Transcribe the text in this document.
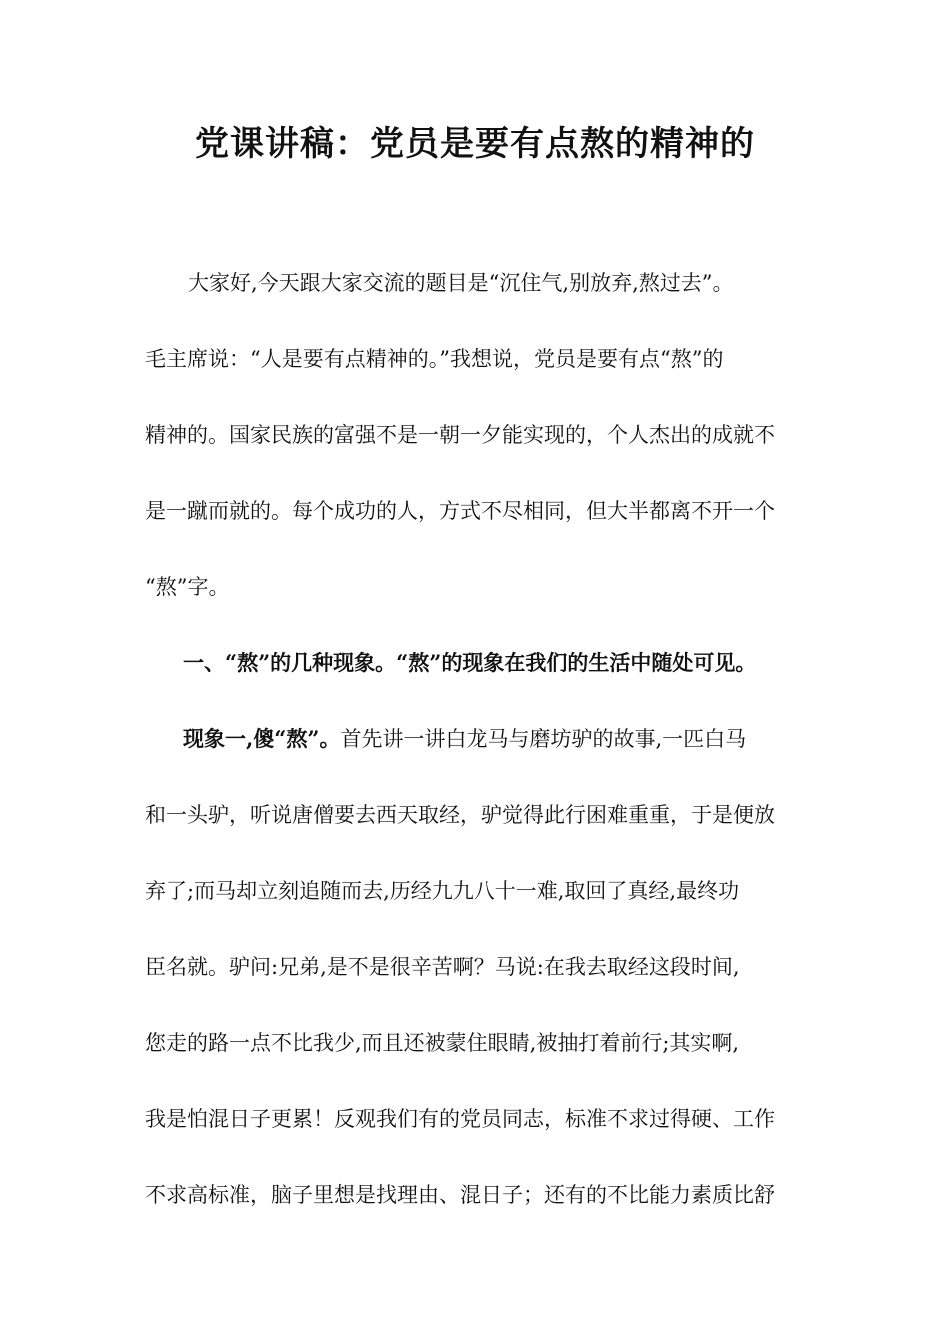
党课讲稿：党员是要有点熬的精神的
大家好,今天跟大家交流的题目是“沉住气,别放弃,熬过去”。
毛主席说：“人是要有点精神的。”我想说，党员是要有点“熬”的
精神的。国家民族的富强不是一朝一夕能实现的，个人杰出的成就不
是一蹴而就的。每个成功的人，方式不尽相同，但大半都离不开一个
“熬”字。
一、“熬”的几种现象。“熬”的现象在我们的生活中随处可见。
现象一,傻“熬”。首先讲一讲白龙马与磨坊驴的故事,一匹白马
和一头驴，听说唐僧要去西天取经，驴觉得此行困难重重，于是便放
弃了;而马却立刻追随而去,历经九九八十一难,取回了真经,最终功
臣名就。驴问:兄弟,是不是很辛苦啊？马说:在我去取经这段时间,
您走的路一点不比我少,而且还被蒙住眼睛,被抽打着前行;其实啊,
我是怕混日子更累！反观我们有的党员同志，标准不求过得硬、工作
不求高标准，脑子里想是找理由、混日子；还有的不比能力素质比舒
